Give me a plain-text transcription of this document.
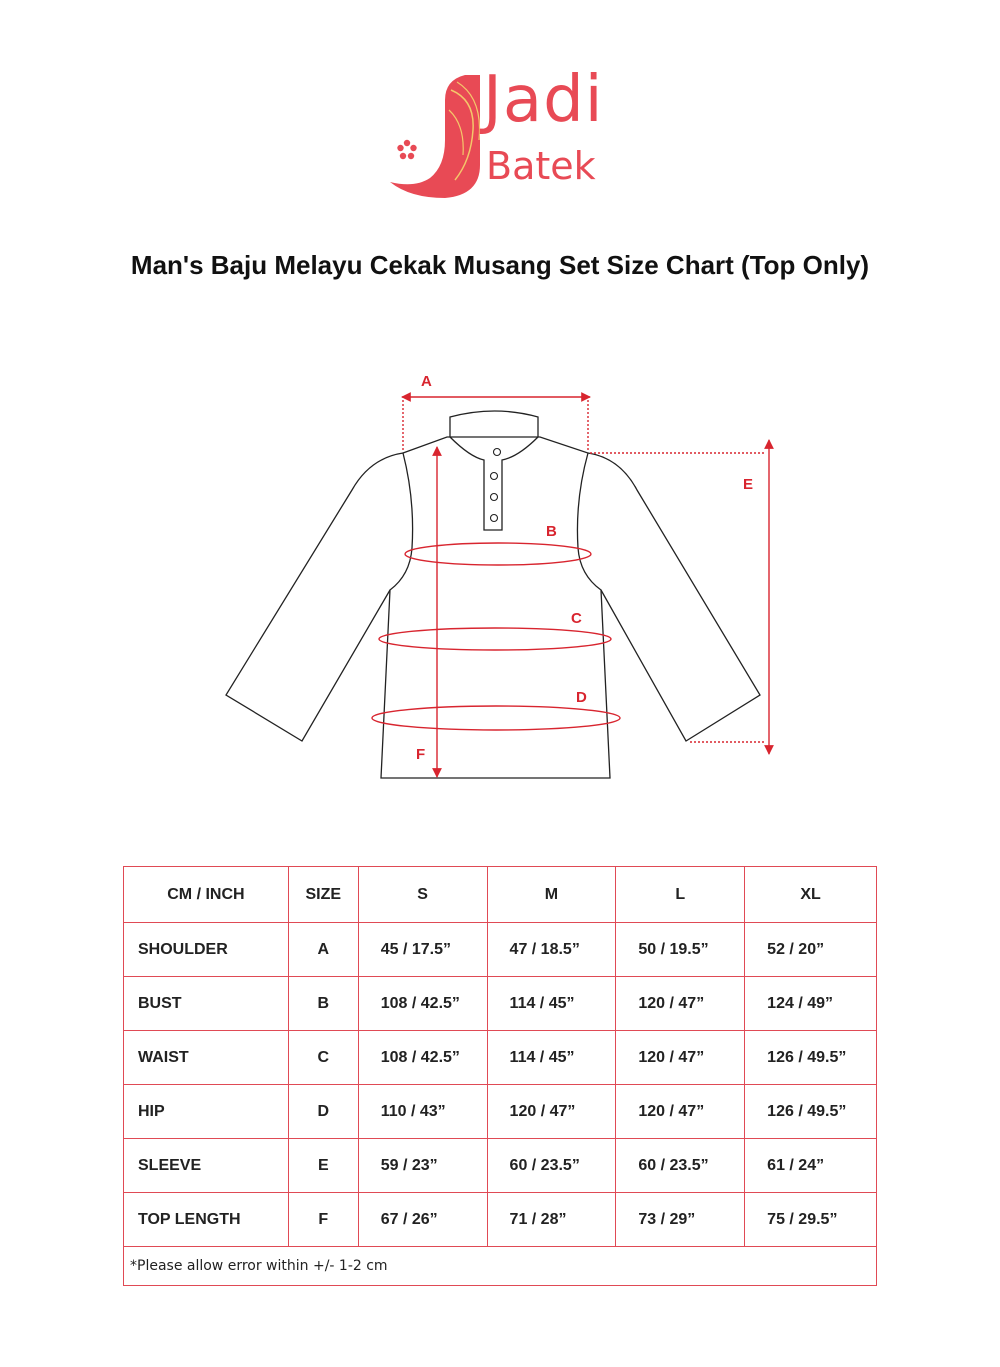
Jadi
Batek
Man's Baju Melayu Cekak Musang Set Size Chart (Top Only)
A
B
C
D
E
F
CM / INCH	SIZE	S	M	L	XL
SHOULDER	A	45 / 17.5”	47 / 18.5”	50 / 19.5”	52 / 20”
BUST	B	108 / 42.5”	114 / 45”	120 / 47”	124 / 49”
WAIST	C	108 / 42.5”	114 / 45”	120 / 47”	126 / 49.5”
HIP	D	110 / 43”	120 / 47”	120 / 47”	126 / 49.5”
SLEEVE	E	59 / 23”	60 / 23.5”	60 / 23.5”	61 / 24”
TOP LENGTH	F	67 / 26”	71 / 28”	73 / 29”	75 / 29.5”
*Please allow error within +/- 1-2 cm					
